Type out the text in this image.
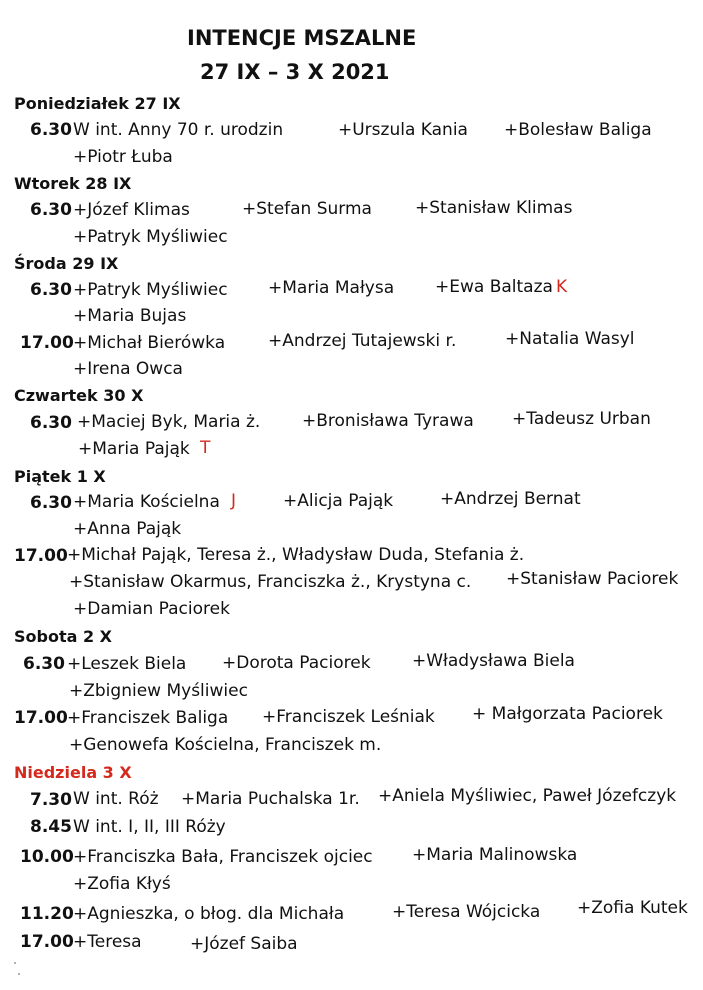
INTENCJE MSZALNE
27 IX – 3 X 2021
Poniedziałek 27 IX
6.30 W int. Anny 70 r. urodzin	+Urszula Kania +Bolesław Baliga
+Piotr Łuba
Wtorek 28 IX
6.30 +Józef Klimas	+Stefan Surma	+Stanisław Klimas
+Patryk Myśliwiec
Środa 29 IX
6.30 +Patryk Myśliwiec +Maria Małysa +Ewa Baltaza K
+Maria Bujas
17.00 +Michał Bierówka	+Andrzej Tutajewski r.	+Natalia Wasyl
+Irena Owca
Czwartek 30 X
6.30 +Maciej Byk, Maria ż. +Bronisława Tyrawa +Tadeusz Urban
+Maria Pająk T
Piątek 1 X
6.30 +Maria Kościelna J	+Alicja Pająk	+Andrzej Bernat
+Anna Pająk
17.00 +Michał Pająk, Teresa ż., Władysław Duda, Stefania ż.
+Stanisław Okarmus, Franciszka ż., Krystyna c. +Stanisław Paciorek
+Damian Paciorek
Sobota 2 X
6.30 +Leszek Biela +Dorota Paciorek +Władysława Biela
+Zbigniew Myśliwiec
17.00 +Franciszek Baliga +Franciszek Leśniak + Małgorzata Paciorek
+Genowefa Kościelna, Franciszek m.
Niedziela 3 X
7.30 W int. Róż +Maria Puchalska 1r. +Aniela Myśliwiec, Paweł Józefczyk
8.45 W int. I, II, III Róży
10.00 +Franciszka Bała, Franciszek ojciec +Maria Malinowska
+Zofia Kłyś
11.20 +Agnieszka, o błog. dla Michała	+Teresa Wójcicka +Zofia Kutek
17.00 +Teresa	+Józef Saiba
